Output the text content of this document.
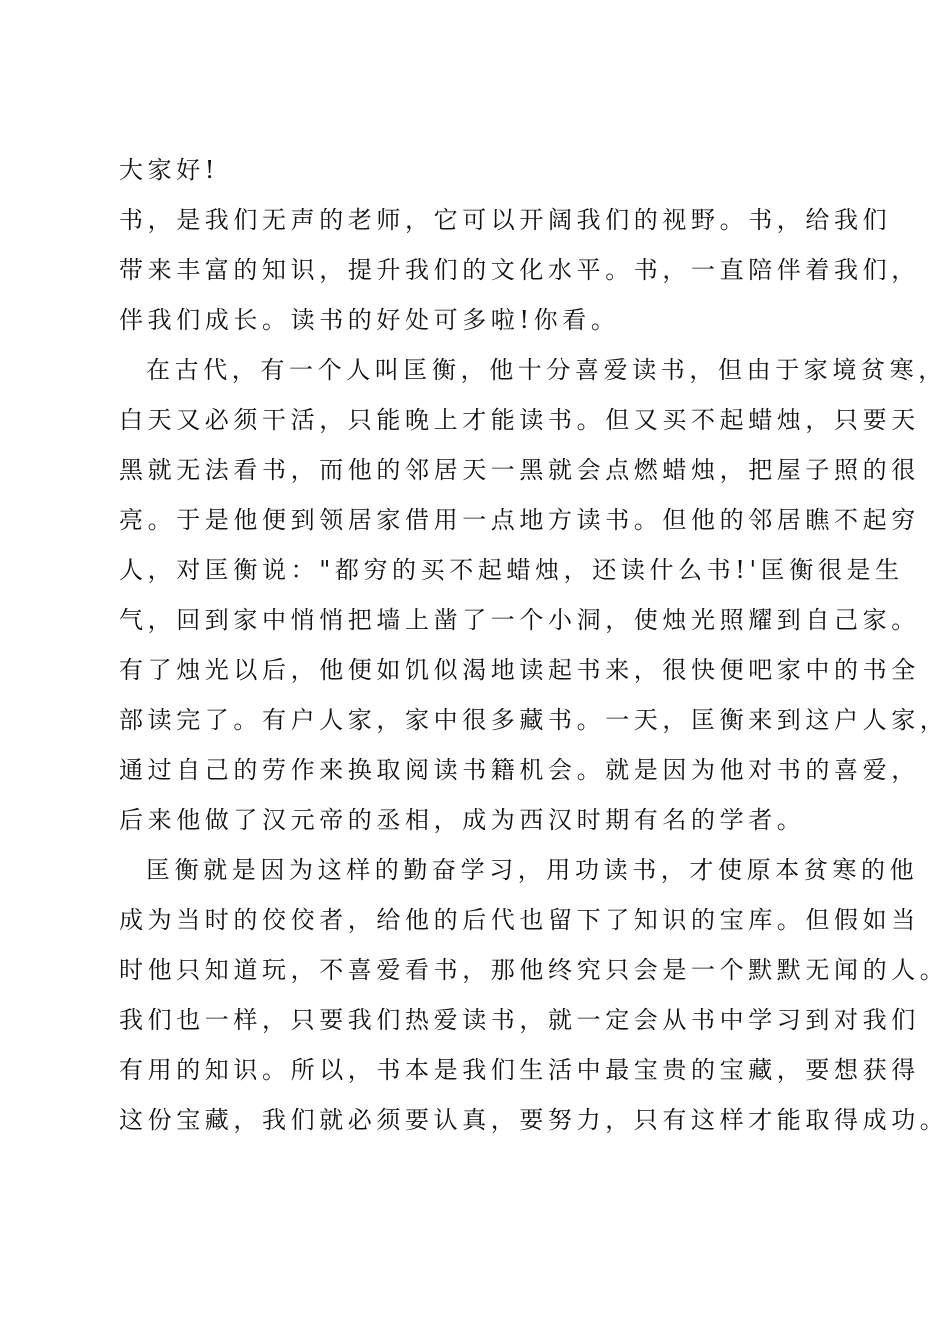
大家好!
书，是我们无声的老师，它可以开阔我们的视野。书，给我们
带来丰富的知识，提升我们的文化水平。书，一直陪伴着我们，
伴我们成长。读书的好处可多啦!你看。
在古代，有一个人叫匡衡，他十分喜爱读书，但由于家境贫寒，
白天又必须干活，只能晚上才能读书。但又买不起蜡烛，只要天
黑就无法看书，而他的邻居天一黑就会点燃蜡烛，把屋子照的很
亮。于是他便到领居家借用一点地方读书。但他的邻居瞧不起穷
人，对匡衡说："都穷的买不起蜡烛，还读什么书!'匡衡很是生
气，回到家中悄悄把墙上凿了一个小洞，使烛光照耀到自己家。
有了烛光以后，他便如饥似渴地读起书来，很快便吧家中的书全
部读完了。有户人家，家中很多藏书。一天，匡衡来到这户人家，
通过自己的劳作来换取阅读书籍机会。就是因为他对书的喜爱，
后来他做了汉元帝的丞相，成为西汉时期有名的学者。
匡衡就是因为这样的勤奋学习，用功读书，才使原本贫寒的他
成为当时的佼佼者，给他的后代也留下了知识的宝库。但假如当
时他只知道玩，不喜爱看书，那他终究只会是一个默默无闻的人。
我们也一样，只要我们热爱读书，就一定会从书中学习到对我们
有用的知识。所以，书本是我们生活中最宝贵的宝藏，要想获得
这份宝藏，我们就必须要认真，要努力，只有这样才能取得成功。
